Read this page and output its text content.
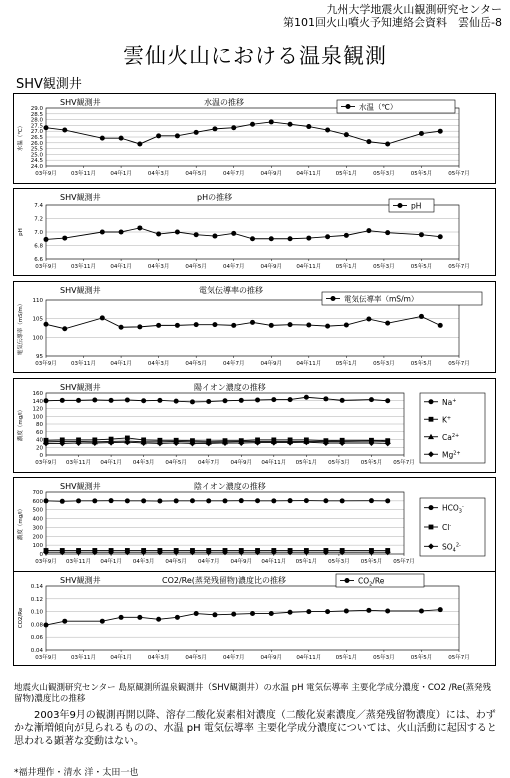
九州大学地震火山観測研究センター
第101回火山噴火予知連絡会資料　雲仙岳-8
雲仙火山における温泉観測
SHV観測井
SHV観測井	水温の推移
水温（℃）
24.0
24.5
25.0
25.5
26.0
26.5
27.0
27.5
28.0
28.5
29.0
03年9月	03年11月	04年1月	04年3月	04年5月	04年7月	04年9月	04年11月	05年1月	05年3月	05年5月	05年7月
水温（℃）
SHV観測井	pHの推移
pH
6.6
6.8
7.0
7.2
7.4
03年9月	03年11月	04年1月	04年3月	04年5月	04年7月	04年9月	04年11月	05年1月	05年3月	05年5月	05年7月
pH
SHV観測井	電気伝導率の推移
電気伝導率（mS/m）
95
100
105
110
03年9月	03年11月	04年1月	04年3月	04年5月	04年7月	04年9月	04年11月	05年1月	05年3月	05年5月	05年7月
電気伝導率（mS/m）
SHV観測井	陽イオン濃度の推移
濃度（mg/l）
0
20
40
60
80
100
120
140
160
03年9月 03年11月 04年1月 04年3月 04年5月 04年7月 04年9月 04年11月 05年1月 05年3月 05年5月 05年7月
Na+
K+
$Ca^{2+}$
$Mg^{2+}$
SHV観測井	陰イオン濃度の推移
濃度（mg/l）
0
100
200
300
400
500
600
700
03年9月 03年11月 04年1月 04年3月 04年5月 04年7月 04年9月 04年11月 05年1月 05年3月 05年5月 05年7月
$HCO_3^-$
Cl-
$SO_4^{2-}$
SHV観測井	CO2/Re(蒸発残留物)濃度比の推移
CO2/Re
0.04
0.06
0.08
0.10
0.12
0.14
03年9月	03年11月	04年1月	04年3月	04年5月	04年7月	04年9月	04年11月	05年1月	05年3月	05年5月	05年7月
$CO_2/Re$
地震火山観測研究センター 島原観測所温泉観測井（SHV観測井）の水温 pH 電気伝導率 主要化学成分濃度・CO2 /Re(蒸発残留物)濃度比の推移
2003年9月の観測再開以降、溶存二酸化炭素相対濃度（二酸化炭素濃度／蒸発残留物濃度）には、わずかな漸増傾向が見られるものの、水温 pH 電気伝導率 主要化学成分濃度については、火山活動に起因すると思われる顕著な変動はない。
*福井理作・清水 洋・太田一也
